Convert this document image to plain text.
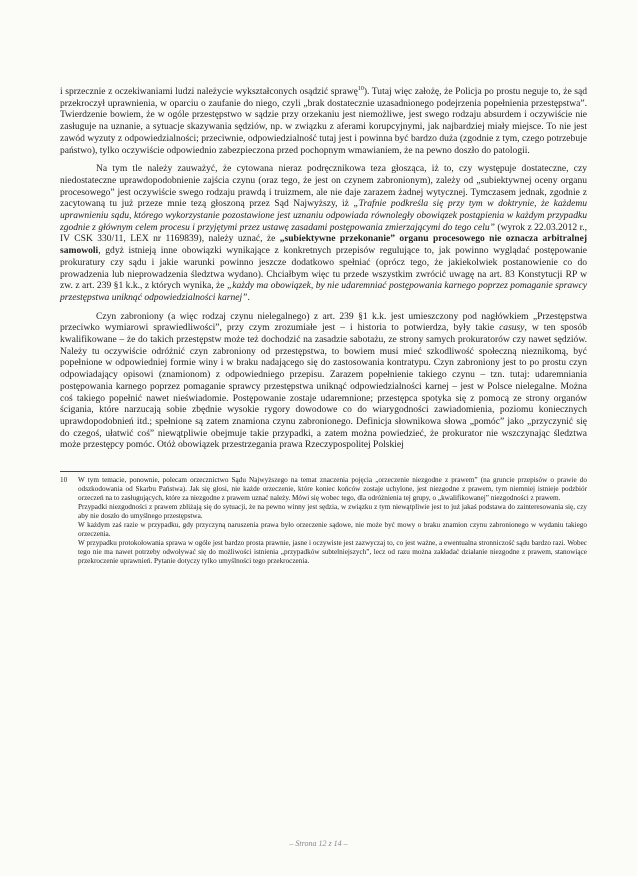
i sprzecznie z oczekiwaniami ludzi należycie wykształconych osądzić sprawę$^{10}$). Tutaj więc założę, że Policja po prostu neguje to, że sąd przekroczył uprawnienia, w oparciu o zaufanie do niego, czyli „brak dostatecznie uzasadnionego podejrzenia popełnienia przestępstwa”. Twierdzenie bowiem, że w ogóle przestępstwo w sądzie przy orzekaniu jest niemożliwe, jest swego rodzaju absurdem i oczywiście nie zasługuje na uznanie, a sytuacje skazywania sędziów, np. w związku z aferami korupcyjnymi, jak najbardziej miały miejsce. To nie jest zawód wyzuty z odpowiedzialności; przeciwnie, odpowiedzialność tutaj jest i powinna być bardzo duża (zgodnie z tym, czego potrzebuje państwo), tylko oczywiście odpowiednio zabezpieczona przed pochopnym wmawianiem, że na pewno doszło do patologii.

Na tym tle należy zauważyć, że cytowana nieraz podręcznikowa teza głosząca, iż to, czy występuje dostateczne, czy niedostateczne uprawdopodobnienie zajścia czynu (oraz tego, że jest on czynem zabronionym), zależy od „subiektywnej oceny organu procesowego” jest oczywiście swego rodzaju prawdą i truizmem, ale nie daje zarazem żadnej wytycznej. Tymczasem jednak, zgodnie z zacytowaną tu już przeze mnie tezą głoszoną przez Sąd Najwyższy, iż „Trafnie podkreśla się przy tym w doktrynie, że każdemu uprawnieniu sądu, którego wykorzystanie pozostawione jest uznaniu odpowiada równoległy obowiązek postąpienia w każdym przypadku zgodnie z głównym celem procesu i przyjętymi przez ustawę zasadami postępowania zmierzającymi do tego celu” (wyrok z 22.03.2012 r., IV CSK 330/11, LEX nr 1169839), należy uznać, że „subiektywne przekonanie” organu procesowego nie oznacza arbitralnej samowoli, gdyż istnieją inne obowiązki wynikające z konkretnych przepisów regulujące to, jak powinno wyglądać postępowanie prokuratury czy sądu i jakie warunki powinno jeszcze dodatkowo spełniać (oprócz tego, że jakiekolwiek postanowienie co do prowadzenia lub nieprowadzenia śledztwa wydano). Chciałbym więc tu przede wszystkim zwrócić uwagę na art. 83 Konstytucji RP w zw. z art. 239 §1 k.k., z których wynika, że „każdy ma obowiązek, by nie udaremniać postępowania karnego poprzez pomaganie sprawcy przestępstwa uniknąć odpowiedzialności karnej”.

Czyn zabroniony (a więc rodzaj czynu nielegalnego) z art. 239 §1 k.k. jest umieszczony pod nagłówkiem „Przestępstwa przeciwko wymiarowi sprawiedliwości”, przy czym zrozumiałe jest – i historia to potwierdza, były takie casusy, w ten sposób kwalifikowane – że do takich przestępstw może też dochodzić na zasadzie sabotażu, ze strony samych prokuratorów czy nawet sędziów. Należy tu oczywiście odróżnić czyn zabroniony od przestępstwa, to bowiem musi mieć szkodliwość społeczną nieznikomą, być popełnione w odpowiedniej formie winy i w braku nadającego się do zastosowania kontratypu. Czyn zabroniony jest to po prostu czyn odpowiadający opisowi (znamionom) z odpowiedniego przepisu. Zarazem popełnienie takiego czynu – tzn. tutaj: udaremniania postępowania karnego poprzez pomaganie sprawcy przestępstwa uniknąć odpowiedzialności karnej – jest w Polsce nielegalne. Można coś takiego popełnić nawet nieświadomie. Postępowanie zostaje udaremnione; przestępca spotyka się z pomocą ze strony organów ścigania, które narzucają sobie zbędnie wysokie rygory dowodowe co do wiarygodności zawiadomienia, poziomu koniecznych uprawdopodobnień itd.; spełnione są zatem znamiona czynu zabronionego. Definicja słownikowa słowa „pomóc” jako „przyczynić się do czegoś, ułatwić coś” niewątpliwie obejmuje takie przypadki, a zatem można powiedzieć, że prokurator nie wszczynając śledztwa może przestępcy pomóc. Otóż obowiązek przestrzegania prawa Rzeczypospolitej Polskiej

10	W tym temacie, ponownie, polecam orzecznictwo Sądu Najwyższego na temat znaczenia pojęcia „orzeczenie niezgodne z prawem” (na gruncie przepisów o prawie do odszkodowania od Skarbu Państwa). Jak się głosi, nie każde orzeczenie, które koniec końców zostaje uchylone, jest niezgodne z prawem, tym niemniej istnieje podzbiór orzeczeń na to zasługujących, które za niezgodne z prawem uznać należy. Mówi się wobec tego, dla odróżnienia tej grupy, o „kwalifikowanej” niezgodności z prawem.

Przypadki niezgodności z prawem zbliżają się do sytuacji, że na pewno winny jest sędzia, w związku z tym niewątpliwie jest to już jakaś podstawa do zainteresowania się, czy aby nie doszło do umyślnego przestępstwa.

W każdym zaś razie w przypadku, gdy przyczyną naruszenia prawa było orzeczenie sądowe, nie może być mowy o braku znamion czynu zabronionego w wydaniu takiego orzeczenia.

W przypadku protokołowania sprawa w ogóle jest bardzo prosta prawnie, jasne i oczywiste jest zazwyczaj to, co jest ważne, a ewentualna stronniczość sądu bardzo razi. Wobec tego nie ma nawet potrzeby odwoływać się do możliwości istnienia „przypadków subtelniejszych”, lecz od razu można zakładać działanie niezgodne z prawem, stanowiące przekroczenie uprawnień. Pytanie dotyczy tylko umyślności tego przekroczenia.

– Strona 12 z 14 –
